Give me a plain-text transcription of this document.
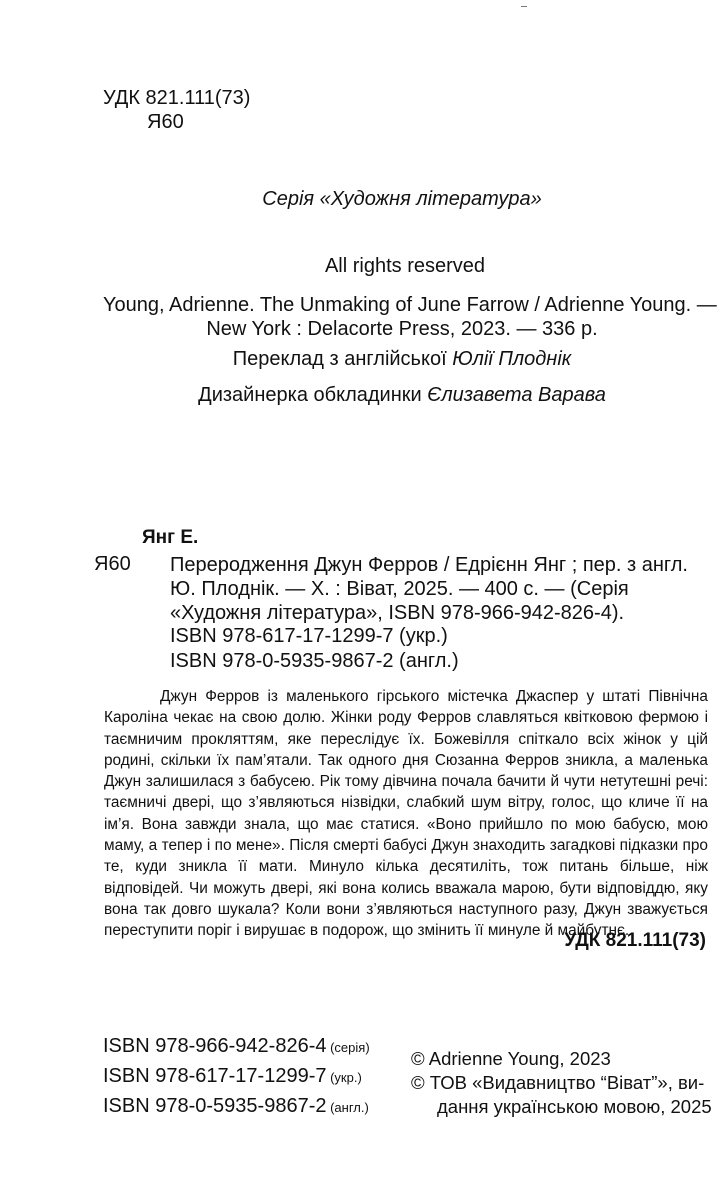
УДК 821.111(73)
Я60
Серія «Художня література»
All rights reserved
Young, Adrienne. The Unmaking of June Farrow / Adrienne Young. —
New York : Delacorte Press, 2023. — 336 p.
Переклад з англійської Юлії Плоднік
Дизайнерка обкладинки Єлизавета Варава
Янг Е.
Я60 Перероджeння Джун Ферров / Едрієнн Янг ; пер. з англ. Ю. Плоднік. — Х. : Віват, 2025. — 400 с. — (Серія «Художня література», ISBN 978-966-942-826-4).
ISBN 978-617-17-1299-7 (укр.)
ISBN 978-0-5935-9867-2 (англ.)
Джун Ферров із маленького гірського містечка Джаспер у штаті Північна Кароліна чекає на свою долю. Жінки роду Ферров славляться квітковою фермою і таємничим прокляттям, яке переслідує їх. Божевілля спіткало всіх жінок у цій родині, скільки їх пам’ятали. Так одного дня Сюзанна Ферров зникла, а маленька Джун залишилася з бабусею. Рік тому дівчина почала бачити й чути нетутешні речі: таємничі двері, що з’являються нізвідки, слабкий шум вітру, голос, що кличе її на ім’я. Вона завжди знала, що має статися. «Воно прийшло по мою бабусю, мою маму, а тепер і по мене». Після смерті бабусі Джун знаходить загадкові підказки про те, куди зникла її мати. Минуло кілька десятиліть, тож питань більше, ніж відповідей. Чи можуть двері, які вона колись вважала марою, бути відповіддю, яку вона так довго шукала? Коли вони з’являються наступного разу, Джун зважується переступити поріг і вирушає в подорож, що змінить її минуле й майбутнє.
УДК 821.111(73)
ISBN 978-966-942-826-4 (серія)
ISBN 978-617-17-1299-7 (укр.)
ISBN 978-0-5935-9867-2 (англ.)
© Adrienne Young, 2023
© ТОВ «Видавництво “Віват”», ви-
дання українською мовою, 2025
